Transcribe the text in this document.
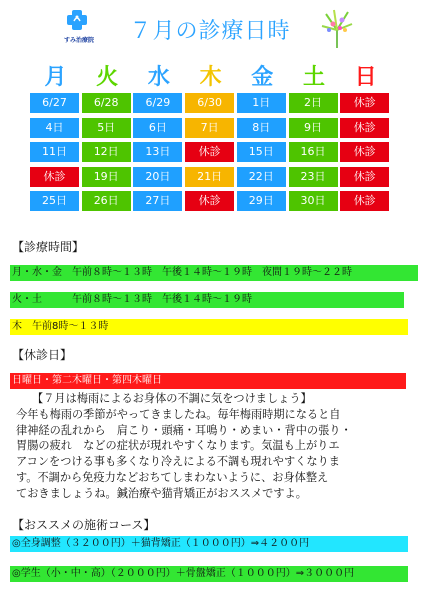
すみ治療院	７月の診療日時
月	火	水	木	金	土	日
6/27	6/28	6/29	6/30	1日	2日	休診
4日	5日	6日	7日	8日	9日	休診
11日	12日	13日	休診	15日	16日	休診
休診	19日	20日	21日	22日	23日	休診
25日	26日	27日	休診	29日	30日	休診
【診療時間】
月・水・金　午前８時～１３時　午後１４時～１９時　夜間１９時～２２時
火・土　　　午前８時～１３時　午後１４時～１９時
木　午前8時～１３時
【休診日】
日曜日・第二木曜日・第四木曜日
【７月は梅雨によるお身体の不調に気をつけましょう】
今年も梅雨の季節がやってきましたね。毎年梅雨時期になると自
律神経の乱れから　肩こり・頭痛・耳鳴り・めまい・背中の張り・
胃腸の疲れ　などの症状が現れやすくなります。気温も上がりエ
アコンをつける事も多くなり冷えによる不調も現れやすくなりま
す。不調から免疫力などおちてしまわないように、お身体整え
ておきましょうね。鍼治療や猫背矯正がおススメですよ。
【おススメの施術コース】
◎全身調整（３２００円）＋猫背矯正（１０００円）⇒４２００円
◎学生（小・中・高）（２０００円）＋骨盤矯正（１０００円）⇒３０００円
